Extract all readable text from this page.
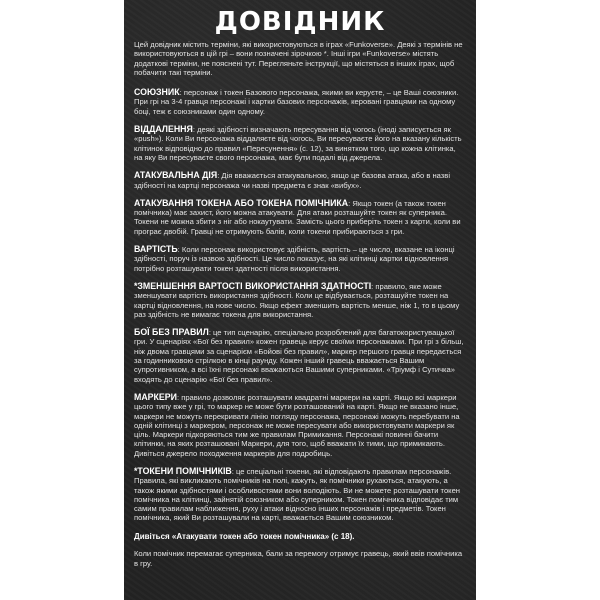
ДОВІДНИК

Цей довідник містить терміни, які використовуються в іграх «Funkoverse». Деякі з термінів не використовуються в цій грі – вони позначені зірочкою *. Інші ігри «Funkoverse» містять додаткові терміни, не пояснені тут. Перегляньте інструкції, що містяться в інших іграх, щоб побачити такі терміни.

СОЮЗНИК: персонаж і токен Базового персонажа, якими ви керуєте, – це Ваші союзники. При грі на 3-4 гравця персонажі і картки базових персонажів, керовані гравцями на одному боці, теж є союзниками один одному.

ВІДДАЛЕННЯ: деякі здібності визначають пересування від чогось (іноді записується як «push»). Коли Ви персонажа віддаляєте від чогось, Ви пересуваєте його на вказану кількість клітинок відповідно до правил «Пересунення» (с. 12), за винятком того, що кожна клітинка, на яку Ви пересуваєте свого персонажа, має бути подалі від джерела.

АТАКУВАЛЬНА ДІЯ: Дія вважається атакувальною, якщо це базова атака, або в назві здібності на картці персонажа чи назві предмета є знак «вибух».

АТАКУВАННЯ ТОКЕНА АБО ТОКЕНА ПОМІЧНИКА: Якщо токен (а також токен помічника) має захист, його можна атакувати. Для атаки розташуйте токен як суперника. Токени не можна збити з ніг або нокаутувати. Замість цього приберіть токен з карти, коли ви програє двобій. Гравці не отримують балів, коли токени прибираються з гри.

ВАРТІСТЬ: Коли персонаж використовує здібність, вартість – це число, вказане на іконці здібності, поруч із назвою здібності. Це число показує, на які клітинці картки відновлення потрібно розташувати токен здатності після використання.

*ЗМЕНШЕННЯ ВАРТОСТІ ВИКОРИСТАННЯ ЗДАТНОСТІ: правило, яке може зменшувати вартість використання здібності. Коли це відбувається, розташуйте токен на картці відновлення, на нове число. Якщо ефект зменшить вартість менше, ніж 1, то в цьому раз здібність не вимагає токена для використання.

БОЇ БЕЗ ПРАВИЛ: це тип сценарію, спеціально розроблений для багатокористувацької гри. У сценаріях «Бої без правил» кожен гравець керує своїми персонажами. При грі з більш, ніж двома гравцями за сценарієм «Бойові без правил», маркер першого гравця передається за годинниковою стрілкою в кінці раунду. Кожен інший гравець вважається Вашим супротивником, а всі їхні персонажі вважаються Вашими суперниками. «Тріумф і Сутичка» входять до сценарію «Бої без правил».

МАРКЕРИ: правило дозволяє розташувати квадратні маркери на карті. Якщо всі маркери цього типу вже у грі, то маркер не може бути розташований на карті. Якщо не вказано інше, маркери не можуть перекривати лінію погляду персонажа, персонажі можуть перебувати на одній клітинці з маркером, персонаж не може пересувати або використовувати маркери як ціль. Маркери підкоряються тим же правилам Примикання. Персонажі повинні бачити клітинки, на яких розташовані Маркери, для того, щоб вважати їх тими, що примикають. Дивіться джерело походження маркерів для подробиць.

*ТОКЕНИ ПОМІЧНИКІВ: це спеціальні токени, які відповідають правилам персонажів. Правила, які викликають помічників на полі, кажуть, як помічники рухаються, атакують, а також якими здібностями і особливостями вони володіють. Ви не можете розташувати токен помічника на клітинці, зайнятій союзником або суперником. Токен помічника відповідає тим самим правилам наближення, руху і атаки відносно інших персонажів і предметів. Токен помічника, який Ви розташували на карті, вважається Вашим союзником.

Дивіться «Атакувати токен або токен помічника» (с 18).

Коли помічник перемагає суперника, бали за перемогу отримує гравець, який ввів помічника в гру.
